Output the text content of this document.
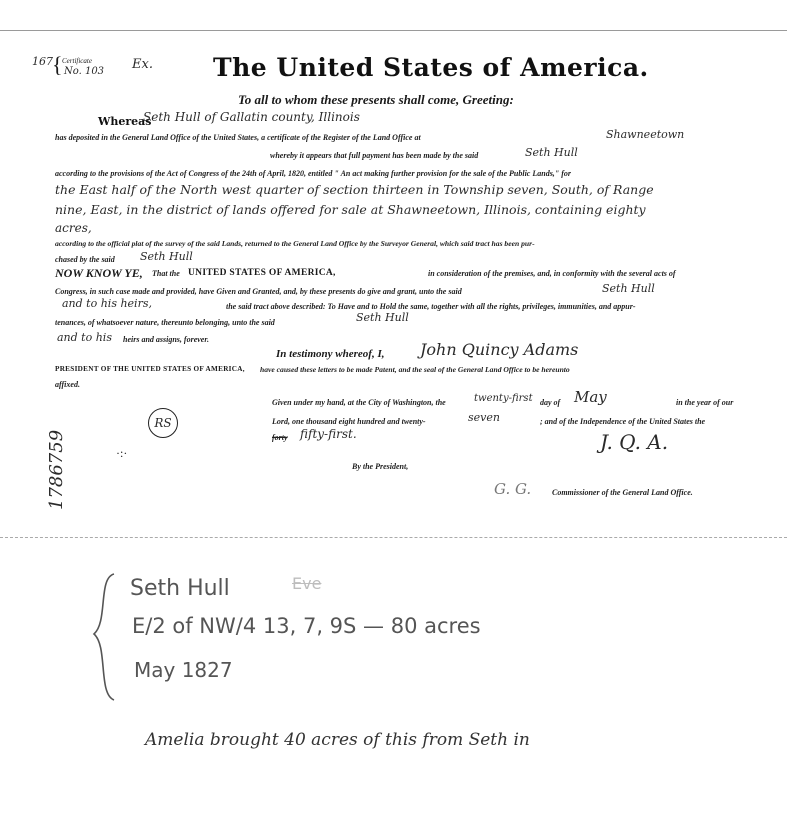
167 { Certificate
No. 103 Ex. The United States of America.
To all to whom these presents shall come, Greeting:
Whereas
Seth Hull of Gallatin county, Illinois
has deposited in the General Land Office of the United States, a certificate of the Register of the Land Office at	Shawneetown
whereby it appears that full payment has been made by the said	Seth Hull
according to the provisions of the Act of Congress of the 24th of April, 1820, entitled " An act making further provision for the sale of the Public Lands," for
the East half of the North west quarter of section thirteen in Township seven, South, of Range
nine, East, in the district of lands offered for sale at Shawneetown, Illinois, containing eighty
acres,
according to the official plat of the survey of the said Lands, returned to the General Land Office by the Surveyor General, which said tract has been pur-
chased by the said Seth Hull
NOW KNOW YE, That the UNITED STATES OF AMERICA,	in consideration of the premises, and, in conformity with the several acts of
Congress, in such case made and provided, have Given and Granted, and, by these presents do give and grant, unto the said	Seth Hull
and to his heirs,	the said tract above described: To Have and to Hold the same, together with all the rights, privileges, immunities, and appur-
tenances, of whatsoever nature, thereunto belonging, unto the said	Seth Hull
and to his heirs and assigns, forever.
In testimony whereof, I, John Quincy Adams
PRESIDENT OF THE UNITED STATES OF AMERICA, have caused these letters to be made Patent, and the seal of the General Land Office to be hereunto
affixed.
Given under my hand, at the City of Washington, the	twenty-first day of May	in the year of our
Lord, one thousand eight hundred and twenty-	seven	; and of the Independence of the United States the
forty fifty-first.	J. Q. A.
By the President,
G. G.	Commissioner of the General Land Office.
RS
·:·
1786759
Seth Hull	Eve
E/2 of NW/4 13, 7, 9S — 80 acres
May 1827
Amelia brought 40 acres of this from Seth in
